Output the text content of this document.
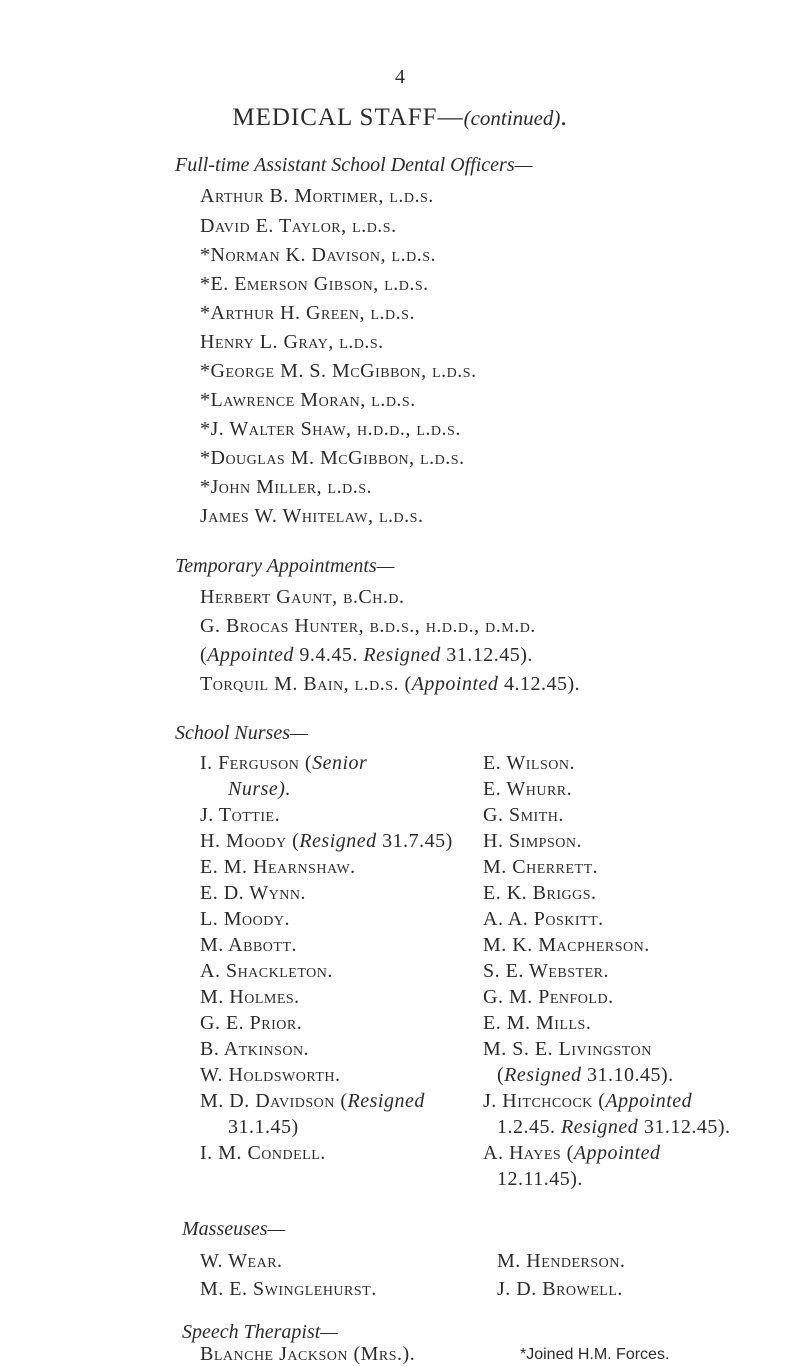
4
MEDICAL STAFF—(continued).
Full-time Assistant School Dental Officers—
Arthur B. Mortimer, l.d.s.
David E. Taylor, l.d.s.
*Norman K. Davison, l.d.s.
*E. Emerson Gibson, l.d.s.
*Arthur H. Green, l.d.s.
Henry L. Gray, l.d.s.
*George M. S. McGibbon, l.d.s.
*Lawrence Moran, l.d.s.
*J. Walter Shaw, h.d.d., l.d.s.
*Douglas M. McGibbon, l.d.s.
*John Miller, l.d.s.
James W. Whitelaw, l.d.s.
Temporary Appointments—
Herbert Gaunt, b.Ch.d.
G. Brocas Hunter, b.d.s., h.d.d., d.m.d.
(Appointed 9.4.45. Resigned 31.12.45).
Torquil M. Bain, l.d.s. (Appointed 4.12.45).
School Nurses—
I. Ferguson (Senior
Nurse).
J. Tottie.
H. Moody (Resigned 31.7.45)
E. M. Hearnshaw.
E. D. Wynn.
L. Moody.
M. Abbott.
A. Shackleton.
M. Holmes.
G. E. Prior.
B. Atkinson.
W. Holdsworth.
M. D. Davidson (Resigned
31.1.45)
I. M. Condell.
E. Wilson.
E. Whurr.
G. Smith.
H. Simpson.
M. Cherrett.
E. K. Briggs.
A. A. Poskitt.
M. K. Macpherson.
S. E. Webster.
G. M. Penfold.
E. M. Mills.
M. S. E. Livingston
(Resigned 31.10.45).
J. Hitchcock (Appointed
1.2.45. Resigned 31.12.45).
A. Hayes (Appointed
12.11.45).
Masseuses—
W. Wear.
M. E. Swinglehurst.
M. Henderson.
J. D. Browell.
Speech Therapist—
Blanche Jackson (Mrs.).	*Joined H.M. Forces.
